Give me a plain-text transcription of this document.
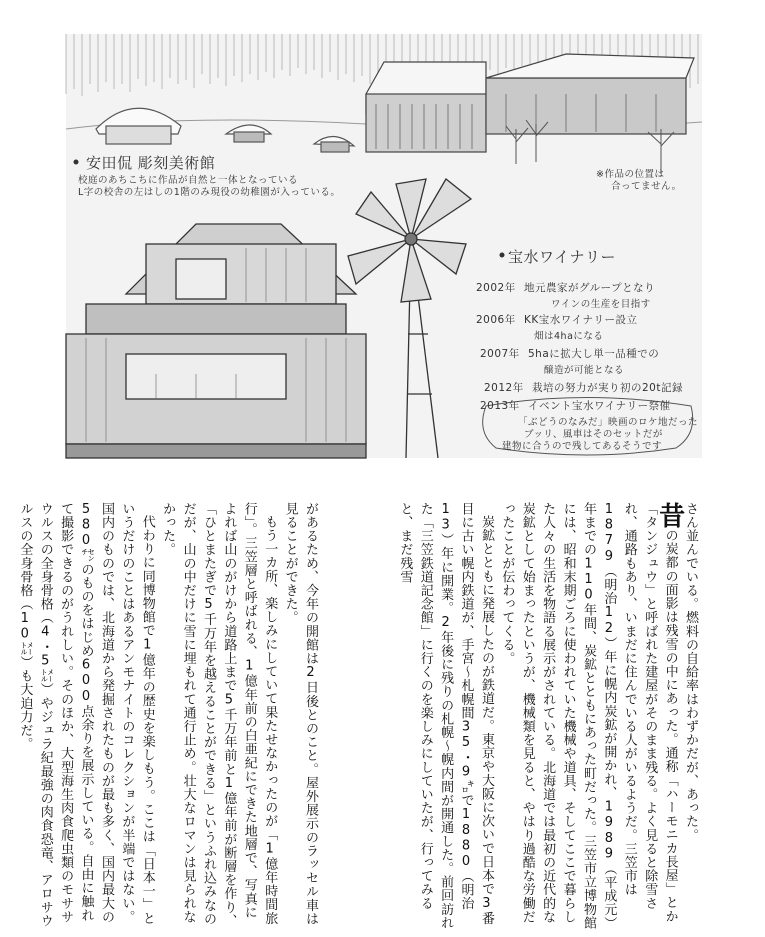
安田侃 彫刻美術館
校庭のあちこちに作品が自然と一体となっている
L字の校舎の左はしの1階のみ現役の幼稚園が入っている。
※作品の位置は
合ってません。
宝水ワイナリー
2002年 地元農家がグループとなり
ワインの生産を目指す
2006年 KK宝水ワイナリー設立
畑は4haになる
2007年 5haに拡大し単一品種での
醸造が可能となる
2012年 栽培の努力が実り初の20t記録
2013年 イベント宝水ワイナリー祭催
「ぶどうのなみだ」映画のロケ地だった
ブッリ、風車はそのセットだが
建物に合うので残してあるそうです

さん並んでいる。燃料の自給率はわずかだが、あった。

昔の炭都の面影は残雪の中にあった。通称「ハーモニカ長屋」とか「タンジュウ」と呼ばれた建屋がそのまま残る。よく見ると除雪され、通路もあり、いまだに住んでいる人がいるようだ。三笠市は1879（明治12）年に幌内炭鉱が開かれ、1989（平成元）年までの110年間、炭鉱とともにあった町だった。三笠市立博物館には、昭和末期ごろに使われていた機械や道具、そしてここで暮らした人々の生活を物語る展示がされている。北海道では最初の近代的な炭鉱として始まったというが、機械類を見ると、やはり過酷な労働だったことが伝わってくる。

炭鉱とともに発展したのが鉄道だ。東京や大阪に次いで日本で3番目に古い幌内鉄道が、手宮〜札幌間35・9㌔で1880（明治13）年に開業。2年後に残りの札幌〜幌内間が開通した。前回訪れた「三笠鉄道記念館」に行くのを楽しみにしていたが、行ってみると、まだ残雪

があるため、今年の開館は2日後とのこと。屋外展示のラッセル車は見ることができた。

もう一カ所、楽しみにしていて果たせなかったのが「1億年時間旅行」。三笠層と呼ばれる、1億年前の白亜紀にできた地層で、写真によれば山のがけから道路上まで5千万年前と1億年前が断層を作り、「ひとまたぎで5千万年を越えることができる」というふれ込みなのだが、山の中だけに雪に埋もれて通行止め。壮大なロマンは見られなかった。

代わりに同博物館で1億年の歴史を楽しもう。ここは「日本一」というだけのことはあるアンモナイトのコレクションが半端ではない。国内のものでは、北海道から発掘されたものが最も多く、国内最大の580㌢のものをはじめ600点余りを展示している。自由に触れて撮影できるのがうれしい。そのほか、大型海生肉食爬虫類のモササウルスの全身骨格（4・5㍍）やジュラ紀最強の肉食恐竜、アロサウルスの全身骨格（10㍍）も大迫力だ。
